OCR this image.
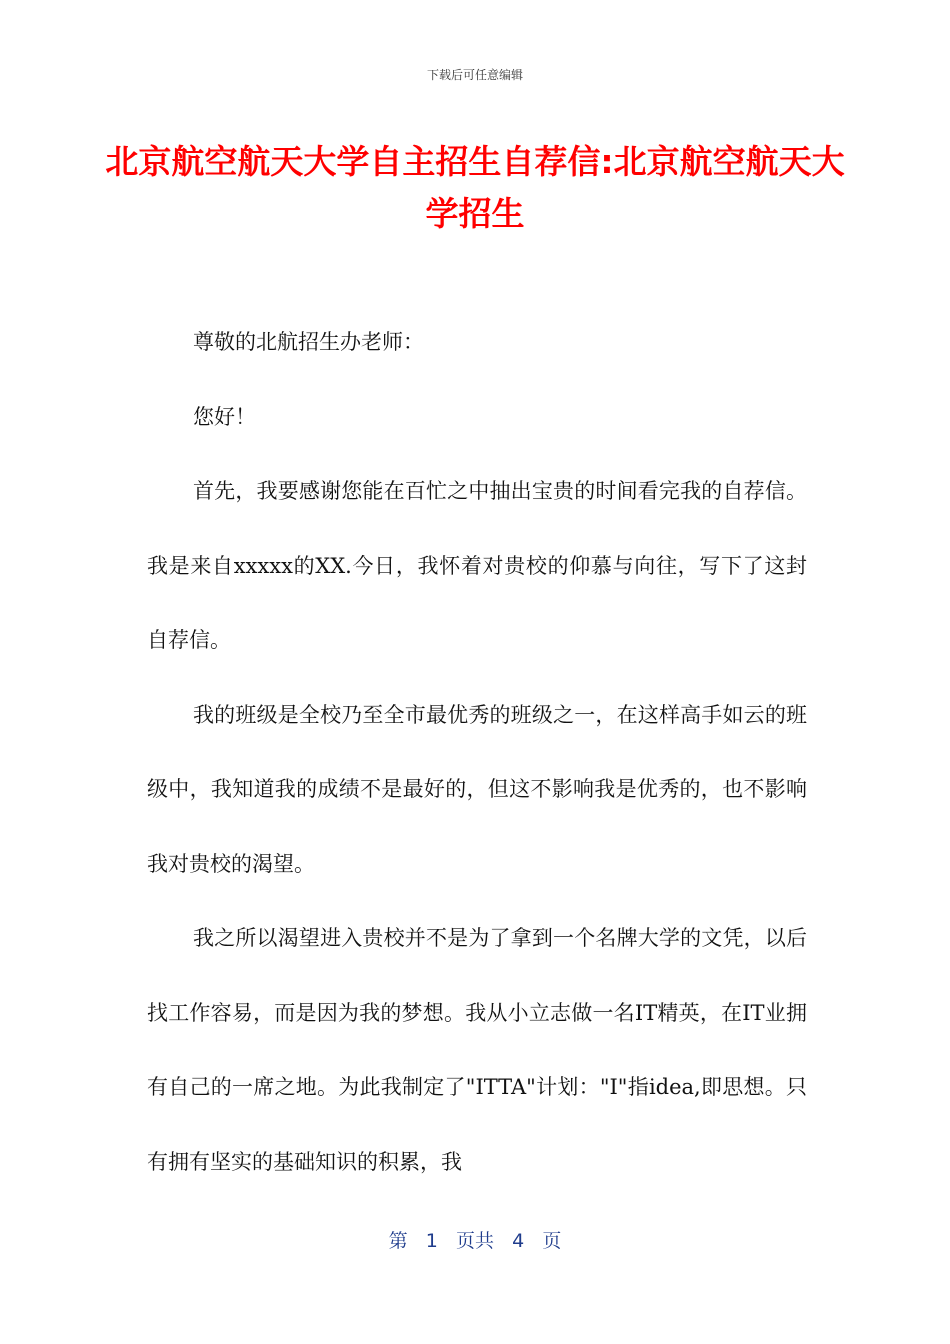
下载后可任意编辑
北京航空航天大学自主招生自荐信:北京航空航天大学招生

尊敬的北航招生办老师：

您好！

首先，我要感谢您能在百忙之中抽出宝贵的时间看完我的自荐信。我是来自xxxxx的XX.今日，我怀着对贵校的仰慕与向往，写下了这封自荐信。

我的班级是全校乃至全市最优秀的班级之一，在这样高手如云的班级中，我知道我的成绩不是最好的，但这不影响我是优秀的，也不影响我对贵校的渴望。

我之所以渴望进入贵校并不是为了拿到一个名牌大学的文凭，以后找工作容易，而是因为我的梦想。我从小立志做一名IT精英，在IT业拥有自己的一席之地。为此我制定了"ITTA"计划："I"指idea,即思想。只有拥有坚实的基础知识的积累，我

第 1 页共 4 页
